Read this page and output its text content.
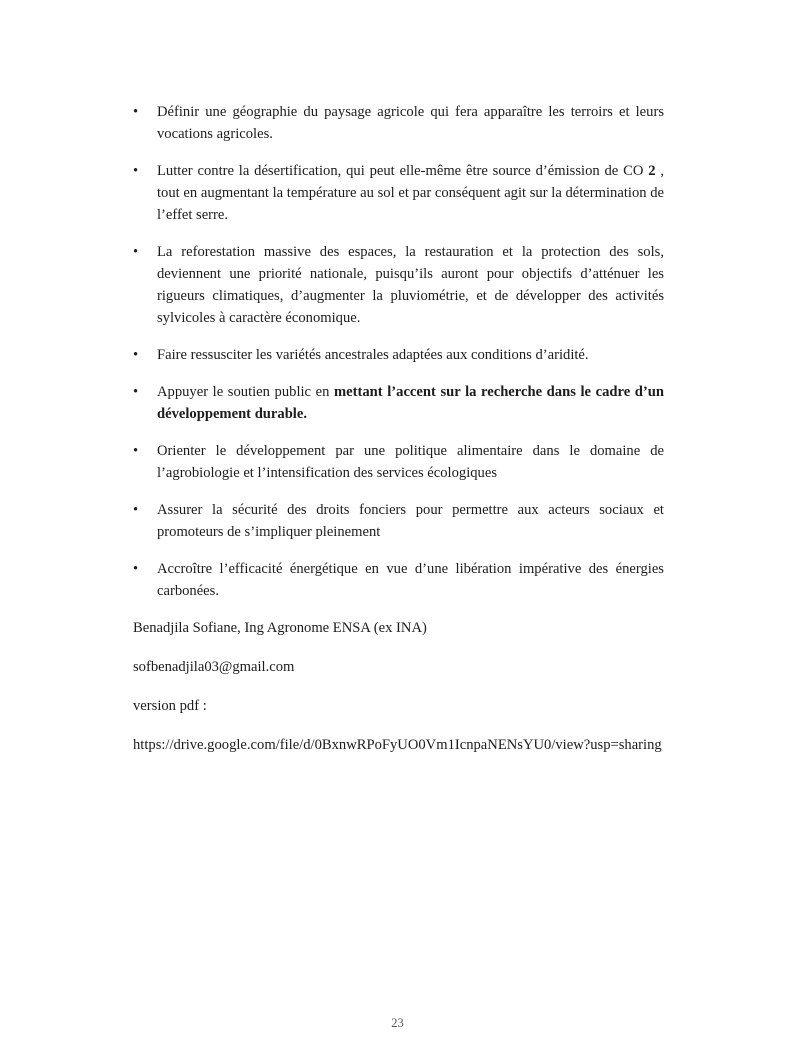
•	Définir une géographie du paysage agricole qui fera apparaître les terroirs et leurs vocations agricoles.
•	Lutter contre la désertification, qui peut elle-même être source d’émission de CO 2 , tout en augmentant la température au sol et par conséquent agit sur la détermination de l’effet serre.
•	La reforestation massive des espaces, la restauration et la protection des sols, deviennent une priorité nationale, puisqu’ils auront pour objectifs d’atténuer les rigueurs climatiques, d’augmenter la pluviométrie, et de développer des activités sylvicoles à caractère économique.
•	Faire ressusciter les variétés ancestrales adaptées aux conditions d’aridité.
•	Appuyer le soutien public en mettant l’accent sur la recherche dans le cadre d’un développement durable.
•	Orienter le développement par une politique alimentaire dans le domaine de l’agrobiologie et l’intensification des services écologiques
•	Assurer la sécurité des droits fonciers pour permettre aux acteurs sociaux et promoteurs de s’impliquer pleinement
•	Accroître l’efficacité énergétique en vue d’une libération impérative des énergies carbonées.

Benadjila Sofiane, Ing Agronome ENSA (ex INA)

sofbenadjila03@gmail.com

version pdf :

https://drive.google.com/file/d/0BxnwRPoFyUO0Vm1IcnpaNENsYU0/view?usp=sharing

23
